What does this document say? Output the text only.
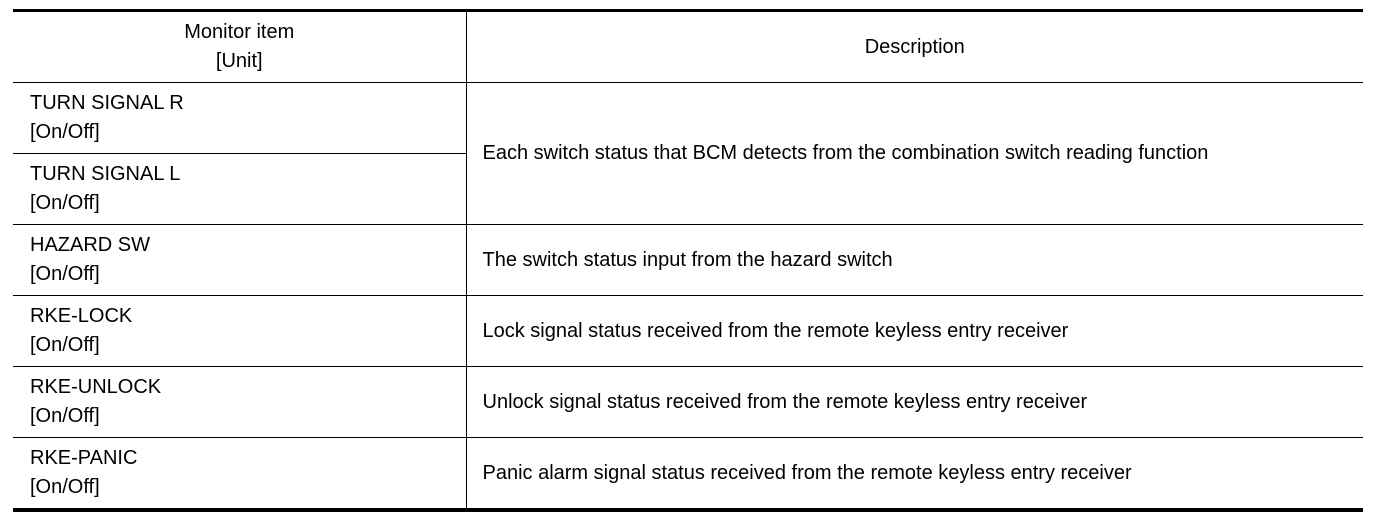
Monitor item
[Unit]	Description

TURN SIGNAL R
[On/Off]	Each switch status that BCM detects from the combination switch reading function

TURN SIGNAL L
[On/Off]	

HAZARD SW
[On/Off]	The switch status input from the hazard switch

RKE-LOCK
[On/Off]	Lock signal status received from the remote keyless entry receiver

RKE-UNLOCK
[On/Off]	Unlock signal status received from the remote keyless entry receiver

RKE-PANIC
[On/Off]	Panic alarm signal status received from the remote keyless entry receiver
